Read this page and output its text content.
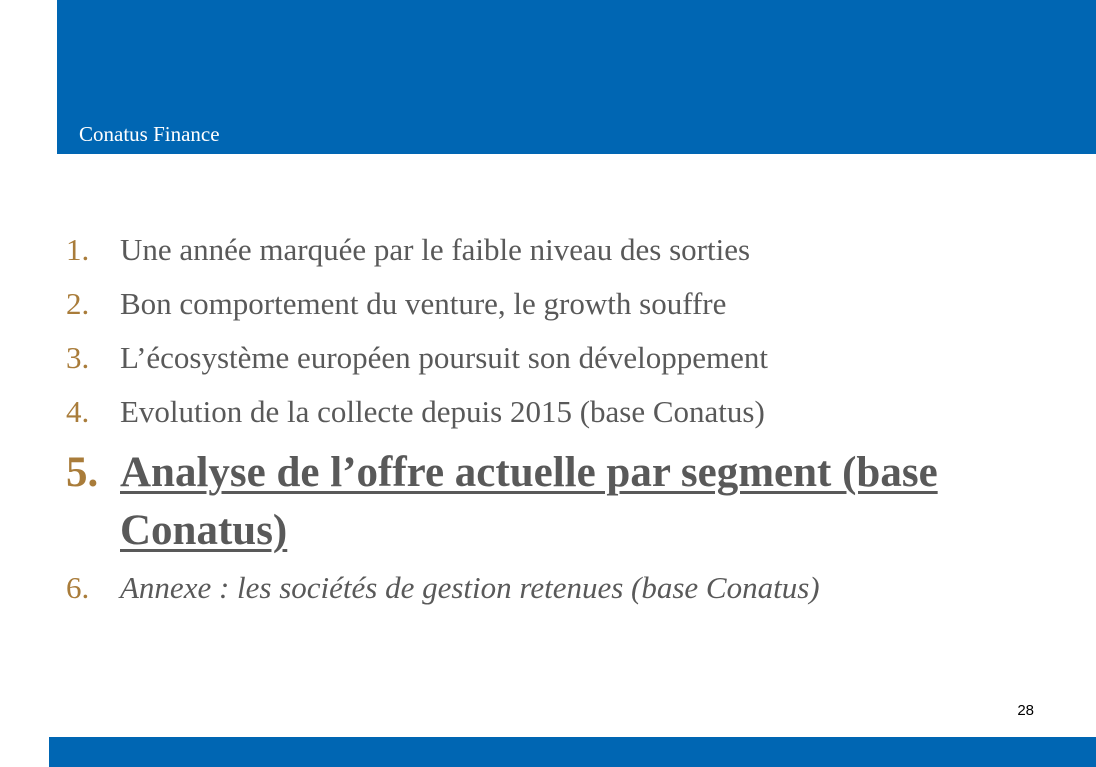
Conatus Finance
1. Une année marquée par le faible niveau des sorties
2. Bon comportement du venture, le growth souffre
3. L’écosystème européen poursuit son développement
4. Evolution de la collecte depuis 2015 (base Conatus)
5. Analyse de l’offre actuelle par segment (base Conatus)
6. Annexe : les sociétés de gestion retenues (base Conatus)
28
